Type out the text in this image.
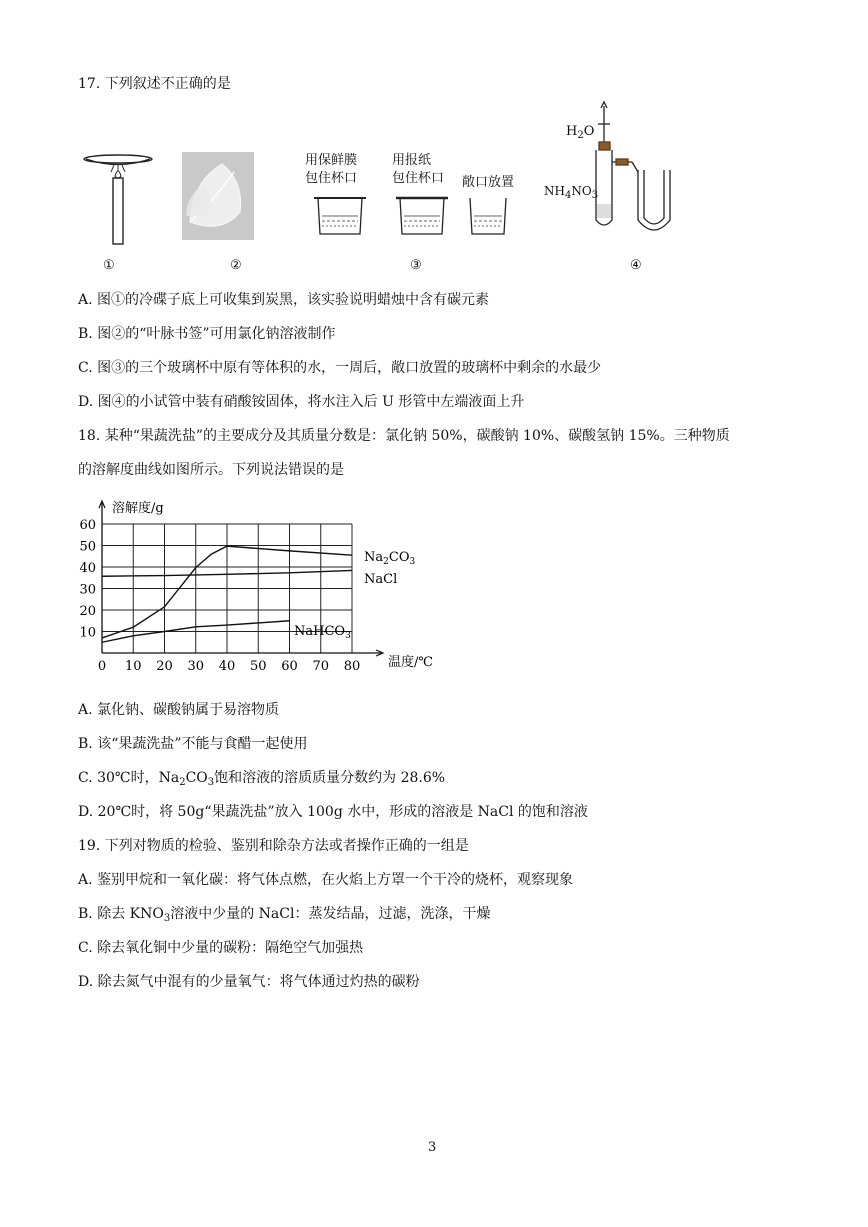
17. 下列叙述不正确的是
用保鲜膜
包住杯口
用报纸
包住杯口 敞口放置
$H_2O$
$NH_4NO_3$
①	②	③	④
A. 图①的冷碟子底上可收集到炭黑，该实验说明蜡烛中含有碳元素
B. 图②的“叶脉书签”可用氯化钠溶液制作
C. 图③的三个玻璃杯中原有等体积的水，一周后，敞口放置的玻璃杯中剩余的水最少
D. 图④的小试管中装有硝酸铵固体，将水注入后 U 形管中左端液面上升
18. 某种“果蔬洗盐”的主要成分及其质量分数是：氯化钠 50%，碳酸钠 10%、碳酸氢钠 15%。三种物质
的溶解度曲线如图所示。下列说法错误的是
0 10 20 30 40 50 60 70 80
10
20
30
40
50
60
溶解度/g
温度/℃
$Na_2CO_3$
NaCl
NaHCO$_3$
A. 氯化钠、碳酸钠属于易溶物质
B. 该“果蔬洗盐”不能与食醋一起使用
C. 30℃时，$Na_2CO_3$饱和溶液的溶质质量分数约为 28.6%
D. 20℃时，将 50g“果蔬洗盐”放入 100g 水中，形成的溶液是 NaCl 的饱和溶液
19. 下列对物质的检验、鉴别和除杂方法或者操作正确的一组是
A. 鉴别甲烷和一氧化碳：将气体点燃，在火焰上方罩一个干冷的烧杯，观察现象
B. 除去 $KNO_3$溶液中少量的 NaCl：蒸发结晶，过滤，洗涤，干燥
C. 除去氧化铜中少量的碳粉：隔绝空气加强热
D. 除去氮气中混有的少量氧气：将气体通过灼热的碳粉
3
